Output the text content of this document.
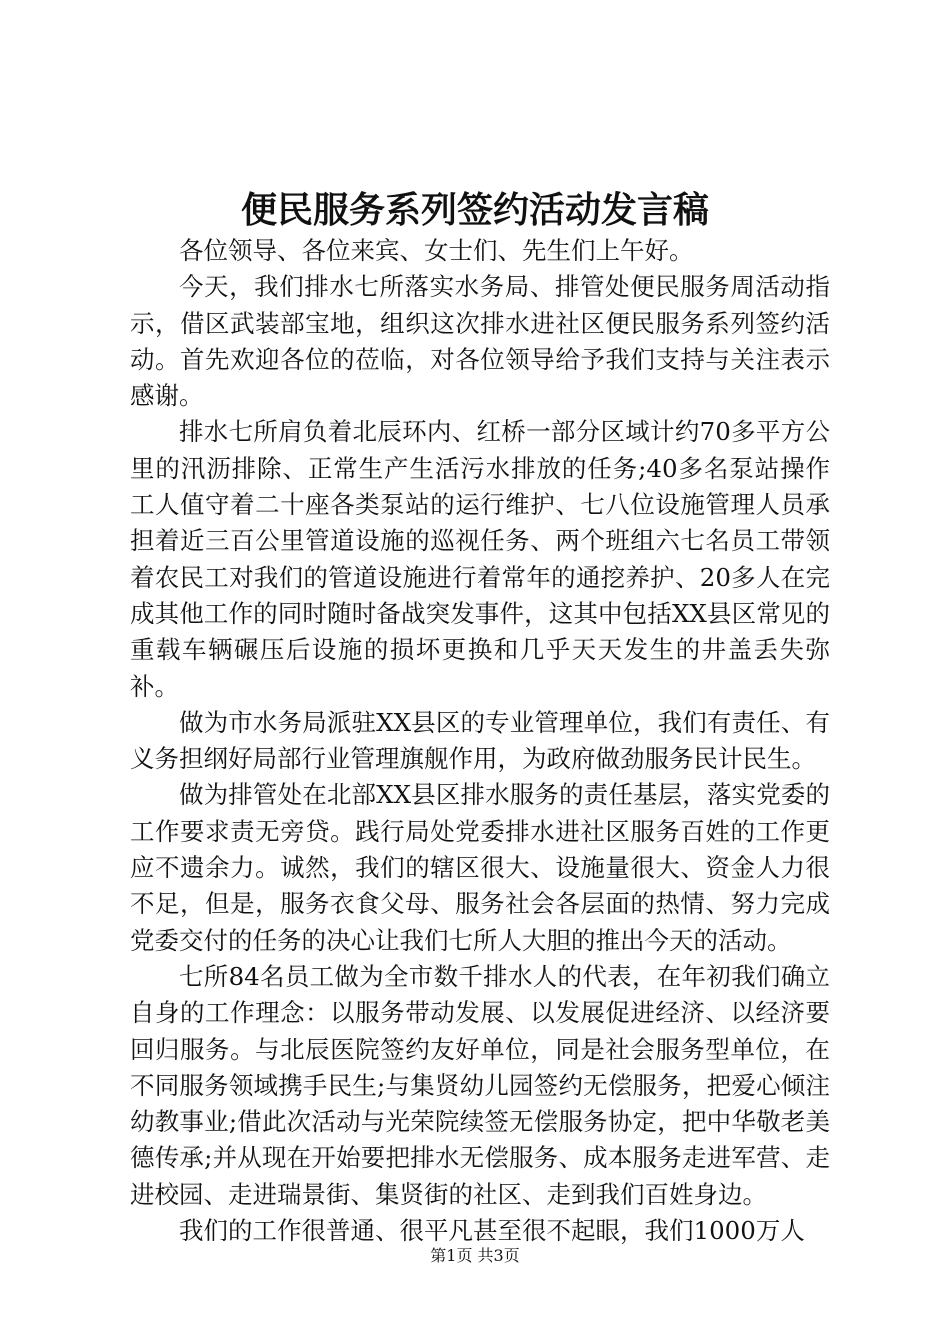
便民服务系列签约活动发言稿

各位领导、各位来宾、女士们、先生们上午好。

今天，我们排水七所落实水务局、排管处便民服务周活动指示，借区武装部宝地，组织这次排水进社区便民服务系列签约活动。首先欢迎各位的莅临，对各位领导给予我们支持与关注表示感谢。

排水七所肩负着北辰环内、红桥一部分区域计约70多平方公里的汛沥排除、正常生产生活污水排放的任务;40多名泵站操作工人值守着二十座各类泵站的运行维护、七八位设施管理人员承担着近三百公里管道设施的巡视任务、两个班组六七名员工带领着农民工对我们的管道设施进行着常年的通挖养护、20多人在完成其他工作的同时随时备战突发事件，这其中包括XX县区常见的重载车辆碾压后设施的损坏更换和几乎天天发生的井盖丢失弥补。

做为市水务局派驻XX县区的专业管理单位，我们有责任、有义务担纲好局部行业管理旗舰作用，为政府做劲服务民计民生。

做为排管处在北部XX县区排水服务的责任基层，落实党委的工作要求责无旁贷。践行局处党委排水进社区服务百姓的工作更应不遗余力。诚然，我们的辖区很大、设施量很大、资金人力很不足，但是，服务衣食父母、服务社会各层面的热情、努力完成党委交付的任务的决心让我们七所人大胆的推出今天的活动。

七所84名员工做为全市数千排水人的代表，在年初我们确立自身的工作理念：以服务带动发展、以发展促进经济、以经济要回归服务。与北辰医院签约友好单位，同是社会服务型单位，在不同服务领域携手民生;与集贤幼儿园签约无偿服务，把爱心倾注幼教事业;借此次活动与光荣院续签无偿服务协定，把中华敬老美德传承;并从现在开始要把排水无偿服务、成本服务走进军营、走进校园、走进瑞景街、集贤街的社区、走到我们百姓身边。

我们的工作很普通、很平凡甚至很不起眼，我们1000万人

第1页 共3页
